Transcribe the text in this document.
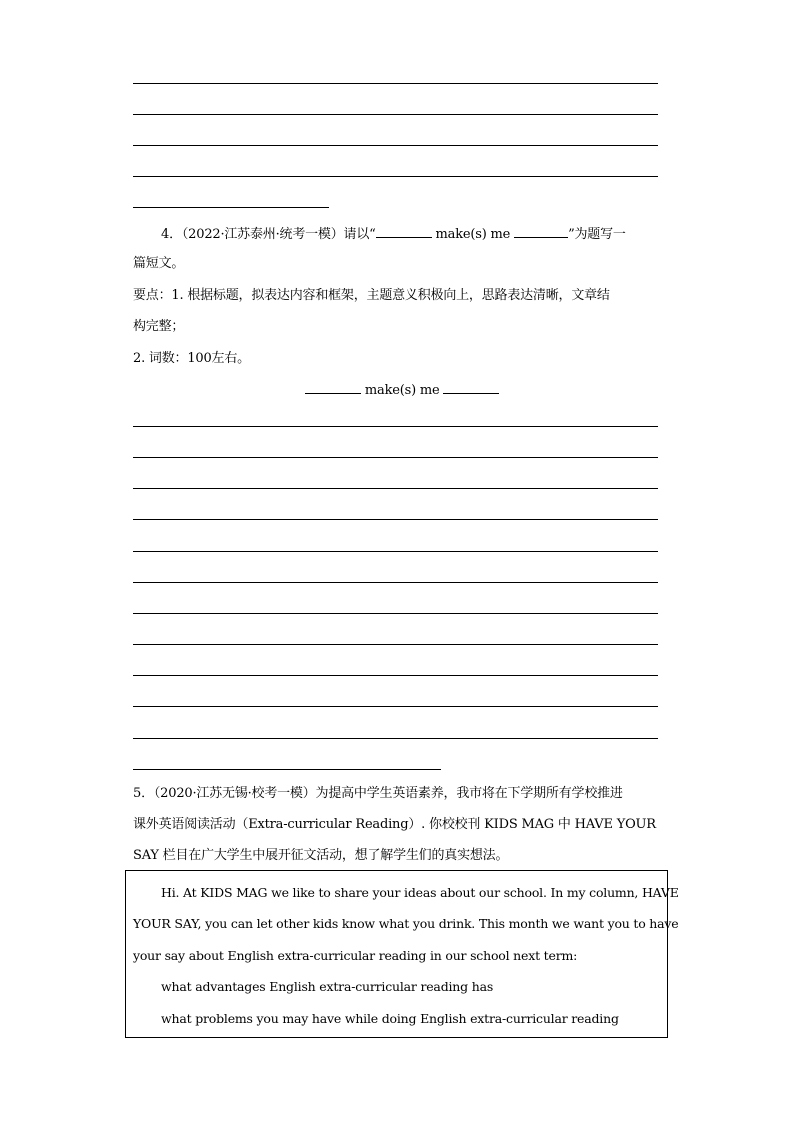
4．（2022·江苏泰州·统考一模）请以“	make(s) me	”为题写一
篇短文。
要点：1. 根据标题，拟表达内容和框架，主题意义积极向上，思路表达清晰，文章结
构完整；
2. 词数：100左右。
make(s) me
5．（2020·江苏无锡·校考一模）为提高中学生英语素养，我市将在下学期所有学校推进
课外英语阅读活动（Extra-curricular Reading）. 你校校刊 KIDS MAG 中 HAVE YOUR
SAY 栏目在广大学生中展开征文活动，想了解学生们的真实想法。
Hi. At KIDS MAG we like to share your ideas about our school. In my column, HAVE
YOUR SAY, you can let other kids know what you drink. This month we want you to have
your say about English extra-curricular reading in our school next term:
what advantages English extra-curricular reading has
what problems you may have while doing English extra-curricular reading
